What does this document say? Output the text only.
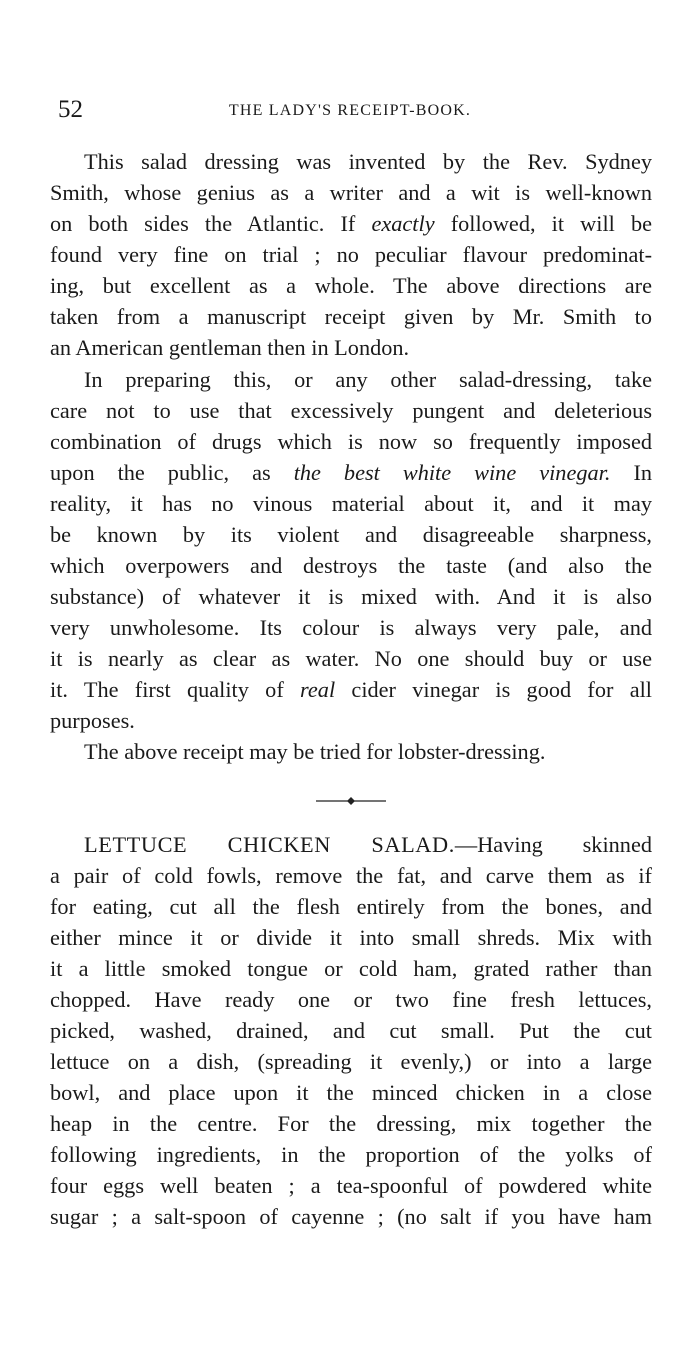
52	THE LADY'S RECEIPT-BOOK.
This salad dressing was invented by the Rev. Sydney
Smith, whose genius as a writer and a wit is well-known
on both sides the Atlantic. If exactly followed, it will be
found very fine on trial ; no peculiar flavour predominat-
ing, but excellent as a whole. The above directions are
taken from a manuscript receipt given by Mr. Smith to
an American gentleman then in London.
In preparing this, or any other salad-dressing, take
care not to use that excessively pungent and deleterious
combination of drugs which is now so frequently imposed
upon the public, as the best white wine vinegar. In
reality, it has no vinous material about it, and it may
be known by its violent and disagreeable sharpness,
which overpowers and destroys the taste (and also the
substance) of whatever it is mixed with. And it is also
very unwholesome. Its colour is always very pale, and
it is nearly as clear as water. No one should buy or use
it. The first quality of real cider vinegar is good for all
purposes.
The above receipt may be tried for lobster-dressing.
LETTUCE CHICKEN SALAD.—Having skinned
a pair of cold fowls, remove the fat, and carve them as if
for eating, cut all the flesh entirely from the bones, and
either mince it or divide it into small shreds. Mix with
it a little smoked tongue or cold ham, grated rather than
chopped. Have ready one or two fine fresh lettuces,
picked, washed, drained, and cut small. Put the cut
lettuce on a dish, (spreading it evenly,) or into a large
bowl, and place upon it the minced chicken in a close
heap in the centre. For the dressing, mix together the
following ingredients, in the proportion of the yolks of
four eggs well beaten ; a tea-spoonful of powdered white
sugar ; a salt-spoon of cayenne ; (no salt if you have ham
